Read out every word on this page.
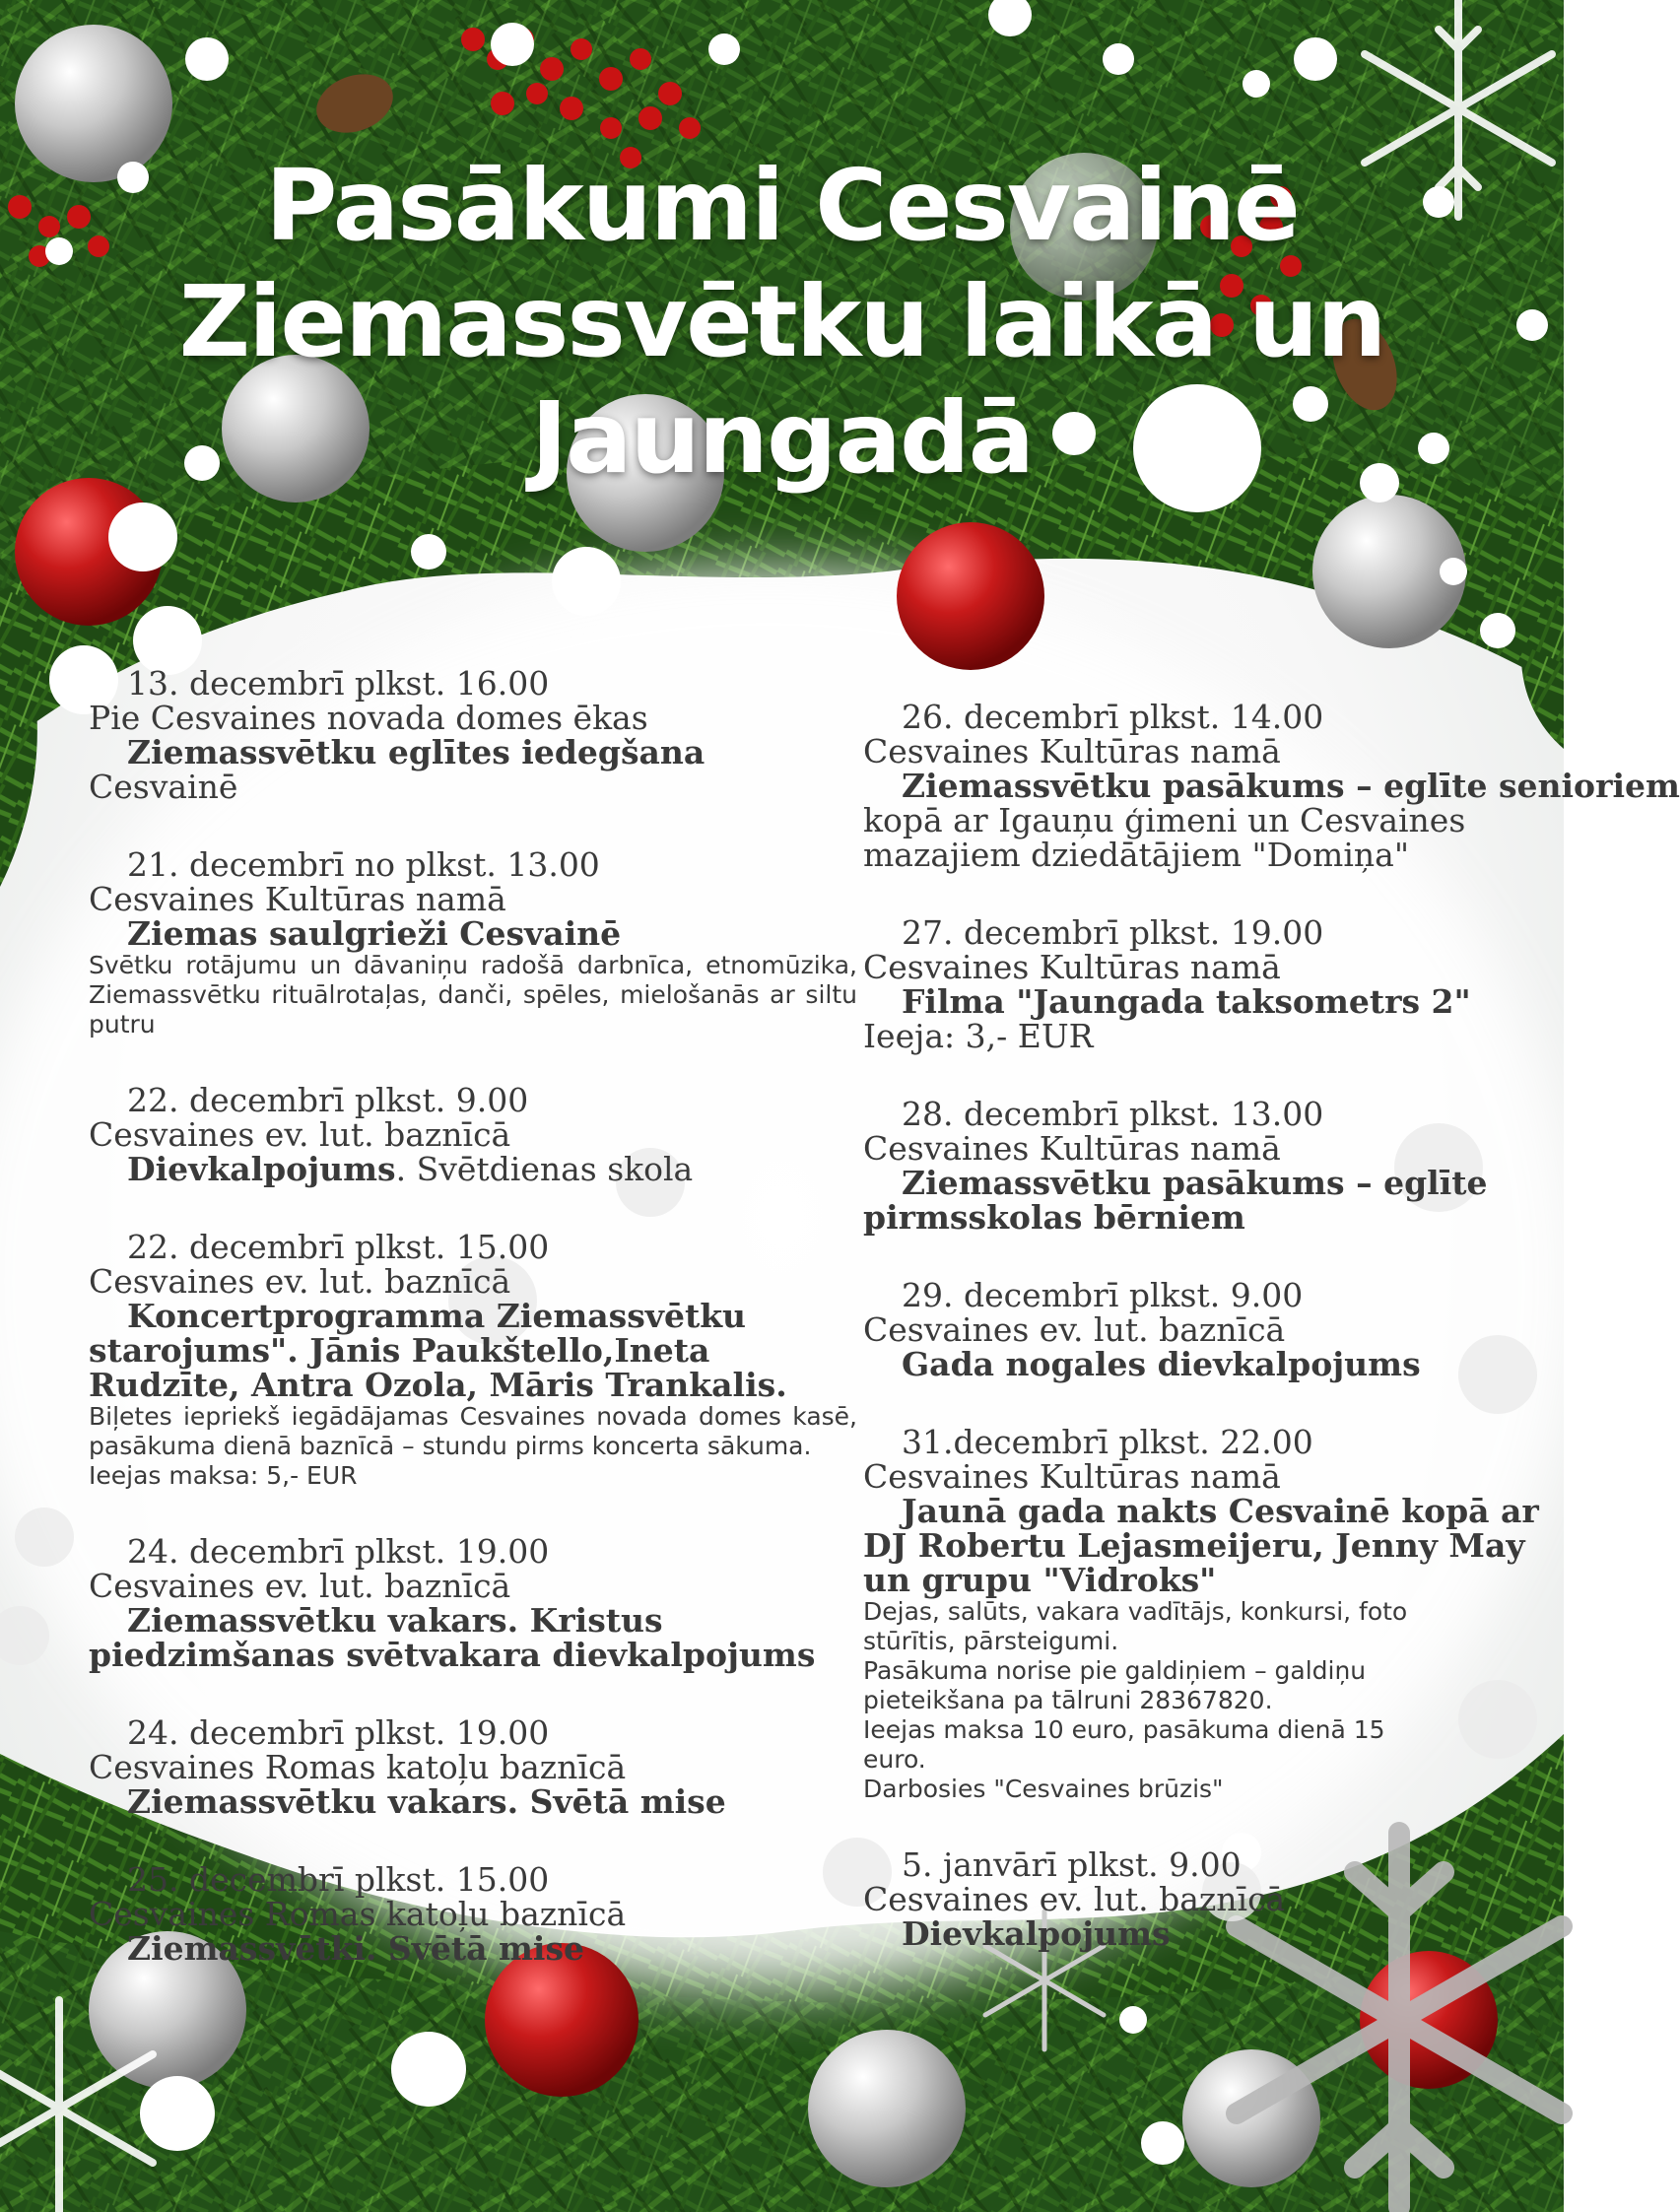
Pasākumi Cesvainē
Ziemassvētku laikā un
Jaungadā
13. decembrī plkst. 16.00
Pie Cesvaines novada domes ēkas
Ziemassvētku eglītes iedegšana Cesvainē
21. decembrī no plkst. 13.00
Cesvaines Kultūras namā
Ziemas saulgrieži Cesvainē
Svētku rotājumu un dāvaniņu radošā darbnīca, etnomūzika, Ziemassvētku rituālrotaļas, danči, spēles, mielošanās ar siltu putru
22. decembrī plkst. 9.00
Cesvaines ev. lut. baznīcā
Dievkalpojums. Svētdienas skola
22. decembrī plkst. 15.00
Cesvaines ev. lut. baznīcā
Koncertprogramma Ziemassvētku starojums". Jānis Paukštello,Ineta Rudzīte, Antra Ozola, Māris Trankalis.
Biļetes iepriekš iegādājamas Cesvaines novada domes kasē, pasākuma dienā baznīcā – stundu pirms koncerta sākuma.
Ieejas maksa: 5,- EUR
24. decembrī plkst. 19.00
Cesvaines ev. lut. baznīcā
Ziemassvētku vakars. Kristus piedzimšanas svētvakara dievkalpojums
24. decembrī plkst. 19.00
Cesvaines Romas katoļu baznīcā
Ziemassvētku vakars. Svētā mise
25. decembrī plkst. 15.00
Cesvaines Romas katoļu baznīcā
Ziemassvētki. Svētā mise
26. decembrī plkst. 14.00
Cesvaines Kultūras namā
Ziemassvētku pasākums – eglīte senioriem
kopā ar Igauņu ģimeni un Cesvaines mazajiem dziedātājiem "Domiņa"
27. decembrī plkst. 19.00
Cesvaines Kultūras namā
Filma "Jaungada taksometrs 2"
Ieeja: 3,- EUR
28. decembrī plkst. 13.00
Cesvaines Kultūras namā
Ziemassvētku pasākums – eglīte pirmsskolas bērniem
29. decembrī plkst. 9.00
Cesvaines ev. lut. baznīcā
Gada nogales dievkalpojums
31.decembrī plkst. 22.00
Cesvaines Kultūras namā
Jaunā gada nakts Cesvainē kopā ar DJ Robertu Lejasmeijeru, Jenny May un grupu "Vidroks"
Dejas, salūts, vakara vadītājs, konkursi, foto stūrītis, pārsteigumi.
Pasākuma norise pie galdiņiem – galdiņu pieteikšana pa tālruni 28367820.
Ieejas maksa 10 euro, pasākuma dienā 15 euro.
Darbosies "Cesvaines brūzis"
5. janvārī plkst. 9.00
Cesvaines ev. lut. baznīcā
Dievkalpojums
